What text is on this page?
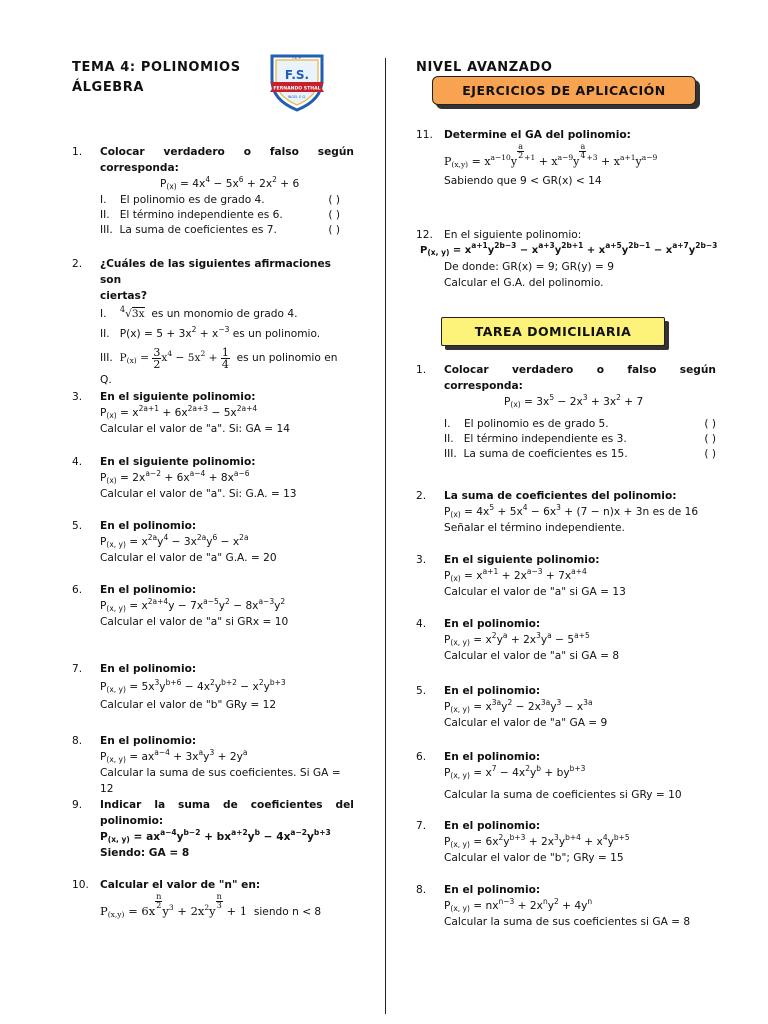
TEMA 4: POLINOMIOS
ÁLGEBRA
I.E.P.
F.S.
FERNANDO STHAL
INGEL E.G.
NIVEL AVANZADO
EJERCICIOS DE APLICACIÓN
1.	Colocar verdadero o falso según
corresponda:
$P_{(x)} = 4x^4 - 5x^6 + 2x^2 + 6$
I. El polinomio es de grado 4.	( )
II. El término independiente es 6.	( )
III. La suma de coeficientes es 7.	( )
2.	¿Cuáles de las siguientes afirmaciones son
ciertas?
I. $^4$√3x es un monomio de grado 4.
II. $P(x) = 5 + 3x^2 + x^{-3}$ es un polinomio.
III. $P_{(x)} = \frac{3}{2} x^4 - 5x^2 + \frac{1}{4}$ es un polinomio en
Q.
3.	En el siguiente polinomio:
$P_{(x)} = x^{2a+1} + 6x^{2a+3} - 5x^{2a+4}$
Calcular el valor de "a". Si: GA = 14
4.	En el siguiente polinomio:
$P_{(x)} = 2x^{a-2} + 6x^{a-4} + 8x^{a-6}$
Calcular el valor de "a". Si: G.A. = 13
5.	En el polinomio:
$P_{(x, y)} = x^{2a}y^4 - 3x^{2a}y^6 - x^{2a}$
Calcular el valor de "a" G.A. = 20
6.	En el polinomio:
$P_{(x, y)} = x^{2a+4}y - 7x^{a-5}y^2 - 8x^{a-3}y^2$
Calcular el valor de "a" si GRx = 10
7.	En el polinomio:
$P_{(x, y)} = 5x^3y^{b+6} - 4x^2y^{b+2} - x^2y^{b+3}$
Calcular el valor de "b" GRy = 12
8.	En el polinomio:
$P_{(x, y)} = ax^{a-4} + 3x^ay^3 + 2y^a$
Calcular la suma de sus coeficientes. Si GA = 12
9.	Indicar la suma de coeficientes del
polinomio:
$P_{(x, y)} = ax^{a-4}y^{b-2} + bx^{a+2}y^b - 4x^{a-2}y^{b+3}$
Siendo: GA = 8
10.	Calcular el valor de "n" en:
$P_{(x,y)} = 6x$
$^{\frac{n}{2}}$
$y^3 + 2x^2y$
$^{\frac{n}{3}}$
+ 1 siendo n < 8
11.	Determine el GA del polinomio:
$P_{(x,y)} = x^{a-10}y$
$^{\frac{a}{2} +1} + x^{a-9}y$
$^{\frac{a}{4} +3} + x^{a+1}y^{a-9}$
Sabiendo que 9 < GR(x) < 14
12.	En el siguiente polinomio:
$P_{(x, y)} = x^{a+1}y^{2b-3} - x^{a+3}y^{2b+1} + x^{a+5}y^{2b-1} - x^{a+7}y^{2b-3}$
De donde: GR(x) = 9; GR(y) = 9
Calcular el G.A. del polinomio.
TAREA DOMICILIARIA
1.	Colocar verdadero o falso según
corresponda:
$P_{(x)} = 3x^5 - 2x^3 + 3x^2 + 7$
I. El polinomio es de grado 5.	( )
II. El término independiente es 3.	( )
III. La suma de coeficientes es 15.	( )
2.	La suma de coeficientes del polinomio:
$P_{(x)} = 4x^5 + 5x^4 - 6x^3 + (7 - n)x + 3n$ es de 16
Señalar el término independiente.
3.	En el siguiente polinomio:
$P_{(x)} = x^{a+1} + 2x^{a-3} + 7x^{a+4}$
Calcular el valor de "a" si GA = 13
4.	En el polinomio:
$P_{(x, y)} = x^2y^a + 2x^3y^a - 5^{a+5}$
Calcular el valor de "a" si GA = 8
5.	En el polinomio:
$P_{(x, y)} = x^{3a}y^2 - 2x^{3a}y^3 - x^{3a}$
Calcular el valor de "a" GA = 9
6.	En el polinomio:
$P_{(x, y)} = x^7 - 4x^2y^b + by^{b+3}$
Calcular la suma de coeficientes si GRy = 10
7.	En el polinomio:
$P_{(x, y)} = 6x^2y^{b+3} + 2x^3y^{b+4} + x^4y^{b+5}$
Calcular el valor de "b"; GRy = 15
8.	En el polinomio:
$P_{(x, y)} = nx^{n-3} + 2x^ny^2 + 4y^n$
Calcular la suma de sus coeficientes si GA = 8
